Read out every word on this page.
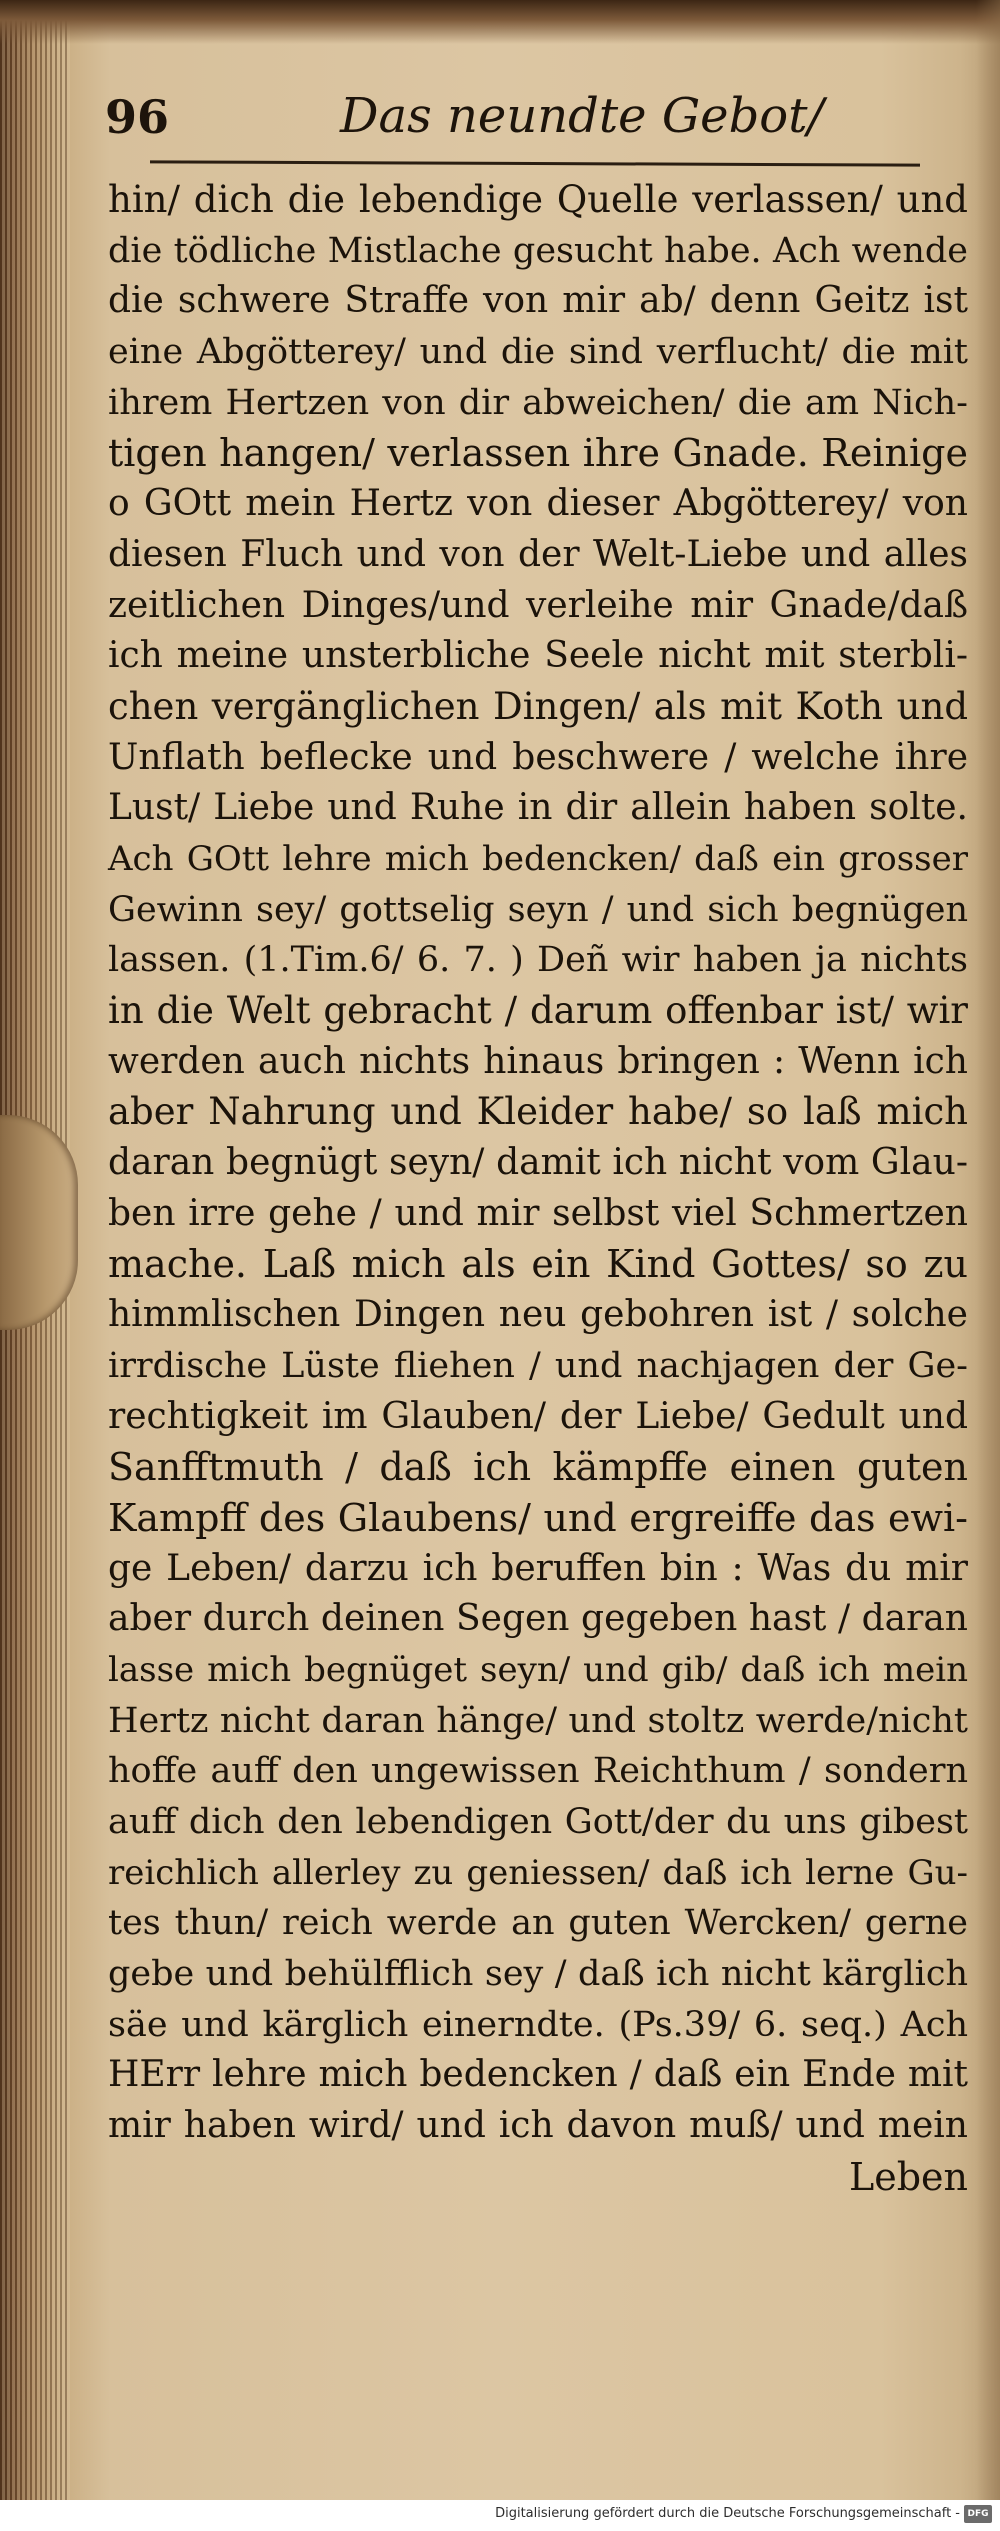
96	Das neundte Gebot/
hin/ dich die lebendige Quelle verlassen/ und
die tödliche Mistlache gesucht habe. Ach wende
die schwere Straffe von mir ab/ denn Geitz ist
eine Abgötterey/ und die sind verflucht/ die mit
ihrem Hertzen von dir abweichen/ die am Nich-
tigen hangen/ verlassen ihre Gnade. Reinige
o GOtt mein Hertz von dieser Abgötterey/ von
diesen Fluch und von der Welt-Liebe und alles
zeitlichen Dinges/und verleihe mir Gnade/daß
ich meine unsterbliche Seele nicht mit sterbli-
chen vergänglichen Dingen/ als mit Koth und
Unflath beflecke und beschwere / welche ihre
Lust/ Liebe und Ruhe in dir allein haben solte.
Ach GOtt lehre mich bedencken/ daß ein grosser
Gewinn sey/ gottselig seyn / und sich begnügen
lassen. (1.Tim.6/ 6. 7. ) Deñ wir haben ja nichts
in die Welt gebracht / darum offenbar ist/ wir
werden auch nichts hinaus bringen : Wenn ich
aber Nahrung und Kleider habe/ so laß mich
daran begnügt seyn/ damit ich nicht vom Glau-
ben irre gehe / und mir selbst viel Schmertzen
mache. Laß mich als ein Kind Gottes/ so zu
himmlischen Dingen neu gebohren ist / solche
irrdische Lüste fliehen / und nachjagen der Ge-
rechtigkeit im Glauben/ der Liebe/ Gedult und
Sanfftmuth / daß ich kämpffe einen guten
Kampff des Glaubens/ und ergreiffe das ewi-
ge Leben/ darzu ich beruffen bin : Was du mir
aber durch deinen Segen gegeben hast / daran
lasse mich begnüget seyn/ und gib/ daß ich mein
Hertz nicht daran hänge/ und stoltz werde/nicht
hoffe auff den ungewissen Reichthum / sondern
auff dich den lebendigen Gott/der du uns gibest
reichlich allerley zu geniessen/ daß ich lerne Gu-
tes thun/ reich werde an guten Wercken/ gerne
gebe und behülfflich sey / daß ich nicht kärglich
säe und kärglich einerndte. (Ps.39/ 6. seq.) Ach
HErr lehre mich bedencken / daß ein Ende mit
mir haben wird/ und ich davon muß/ und mein
Leben
Digitalisierung gefördert durch die Deutsche Forschungsgemeinschaft - DFG
